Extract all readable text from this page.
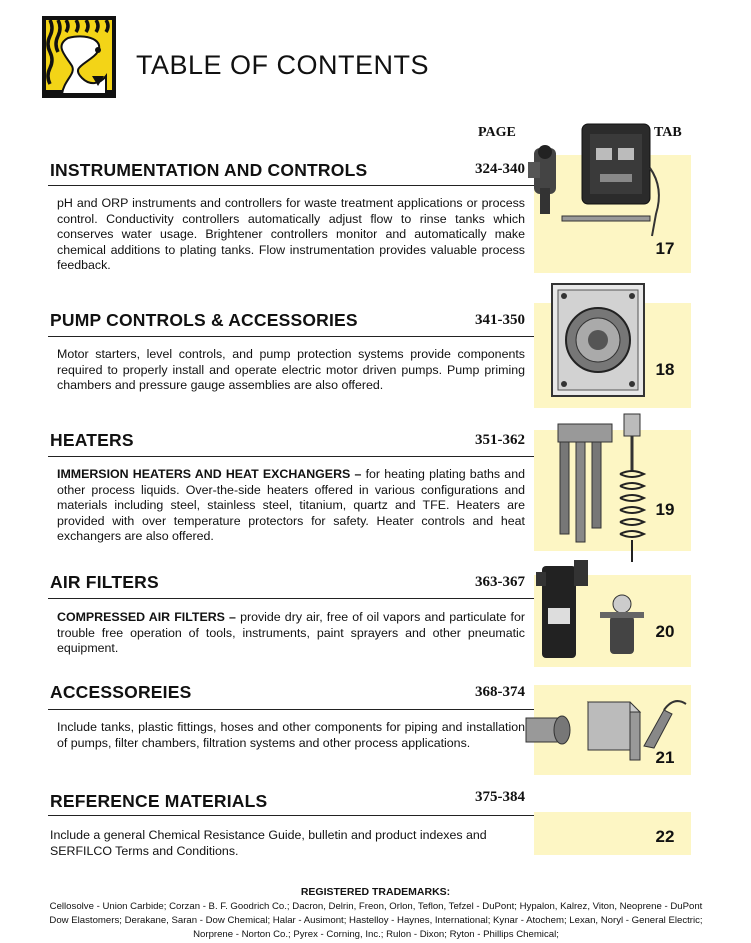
TABLE OF CONTENTS
PAGE	TAB
INSTRUMENTATION AND CONTROLS	324-340
pH and ORP instruments and controllers for waste treatment applications or process control. Conductivity controllers automatically adjust flow to rinse tanks which conserves water usage. Brightener controllers monitor and automatically make chemical additions to plating tanks. Flow instrumentation provides valuable process feedback.
17
PUMP CONTROLS & ACCESSORIES	341-350
Motor starters, level controls, and pump protection systems provide components required to properly install and operate electric motor driven pumps. Pump priming chambers and pressure gauge assemblies are also offered.
18
HEATERS	351-362
IMMERSION HEATERS AND HEAT EXCHANGERS – for heating plating baths and other process liquids. Over-the-side heaters offered in various configurations and materials including steel, stainless steel, titanium, quartz and TFE. Heaters are provided with over temperature protectors for safety. Heater controls and heat exchangers are also offered.
19
AIR FILTERS	363-367
COMPRESSED AIR FILTERS – provide dry air, free of oil vapors and particulate for trouble free operation of tools, instruments, paint sprayers and other pneumatic equipment.
20
ACCESSOREIES	368-374
Include tanks, plastic fittings, hoses and other components for piping and installation of pumps, filter chambers, filtration systems and other process applications.
21
REFERENCE MATERIALS	375-384
Include a general Chemical Resistance Guide, bulletin and product indexes and SERFILCO Terms and Conditions.
22
REGISTERED TRADEMARKS:
Cellosolve - Union Carbide; Corzan - B. F. Goodrich Co.; Dacron, Delrin, Freon, Orlon, Teflon, Tefzel - DuPont; Hypalon, Kalrez, Viton, Neoprene - DuPont Dow Elastomers; Derakane, Saran - Dow Chemical; Halar - Ausimont; Hastelloy - Haynes, International; Kynar - Atochem; Lexan, Noryl - General Electric; Norprene - Norton Co.; Pyrex - Corning, Inc.; Rulon - Dixon; Ryton - Phillips Chemical;
